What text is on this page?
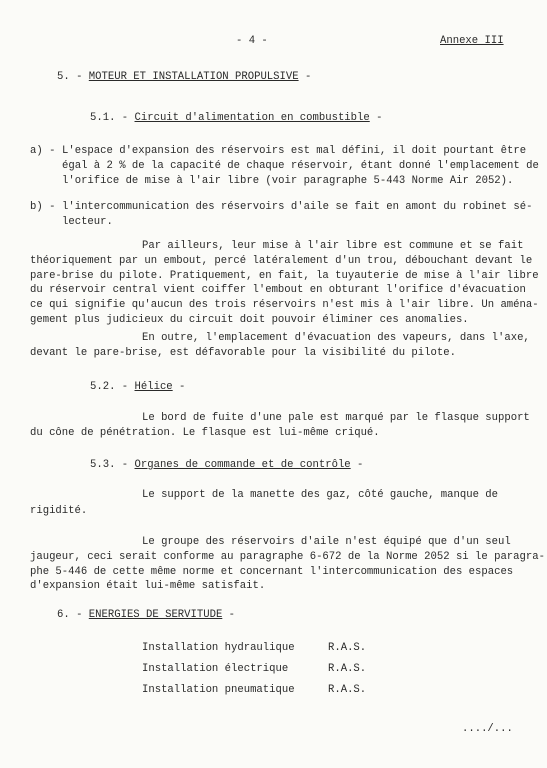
- 4 -	Annexe III
5. - MOTEUR ET INSTALLATION PROPULSIVE -
5.1. - Circuit d'alimentation en combustible -
a) - L'espace d'expansion des réservoirs est mal défini, il doit pourtant être
égal à 2 % de la capacité de chaque réservoir, étant donné l'emplacement de
l'orifice de mise à l'air libre (voir paragraphe 5-443 Norme Air 2052).
b) - l'intercommunication des réservoirs d'aile se fait en amont du robinet sé-
lecteur.
Par ailleurs, leur mise à l'air libre est commune et se fait
théoriquement par un embout, percé latéralement d'un trou, débouchant devant le
pare-brise du pilote. Pratiquement, en fait, la tuyauterie de mise à l'air libre
du réservoir central vient coiffer l'embout en obturant l'orifice d'évacuation
ce qui signifie qu'aucun des trois réservoirs n'est mis à l'air libre. Un aména-
gement plus judicieux du circuit doit pouvoir éliminer ces anomalies.
En outre, l'emplacement d'évacuation des vapeurs, dans l'axe,
devant le pare-brise, est défavorable pour la visibilité du pilote.
5.2. - Hélice -
Le bord de fuite d'une pale est marqué par le flasque support
du cône de pénétration. Le flasque est lui-même criqué.
5.3. - Organes de commande et de contrôle -
Le support de la manette des gaz, côté gauche, manque de
rigidité.
Le groupe des réservoirs d'aile n'est équipé que d'un seul
jaugeur, ceci serait conforme au paragraphe 6-672 de la Norme 2052 si le paragra-
phe 5-446 de cette même norme et concernant l'intercommunication des espaces
d'expansion était lui-même satisfait.
6. - ENERGIES DE SERVITUDE -
Installation hydraulique	R.A.S.
Installation électrique	R.A.S.
Installation pneumatique	R.A.S.
..../...
